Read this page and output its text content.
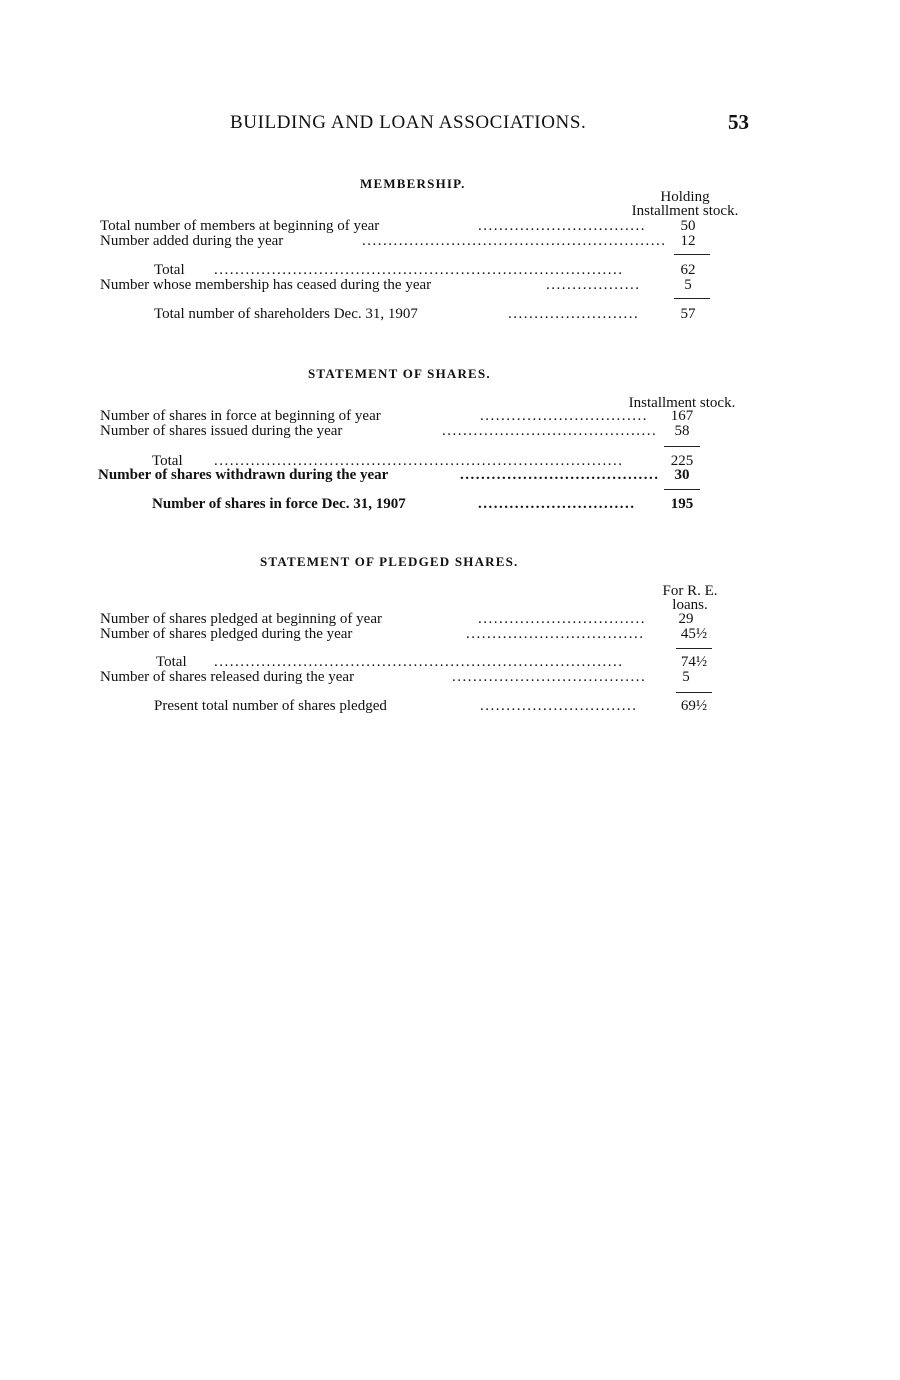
BUILDING AND LOAN ASSOCIATIONS.	53
MEMBERSHIP.
Holding
Installment stock.
Total number of members at beginning of year	................................	50
Number added during the year	.......................................................... 12
Total ..............................................................................	62
Number whose membership has ceased during the year	..................	5
Total number of shareholders Dec. 31, 1907	.........................	57
STATEMENT OF SHARES.
Installment stock.
Number of shares in force at beginning of year	................................	167
Number of shares issued during the year	.........................................	58
Total ..............................................................................	225
Number of shares withdrawn during the year	......................................	30
Number of shares in force Dec. 31, 1907	..............................	195
STATEMENT OF PLEDGED SHARES.
For R. E.
loans.
Number of shares pledged at beginning of year	................................	29
Number of shares pledged during the year	..................................	45½
Total ..............................................................................	74½
Number of shares released during the year	.....................................	5
Present total number of shares pledged	..............................	69½
